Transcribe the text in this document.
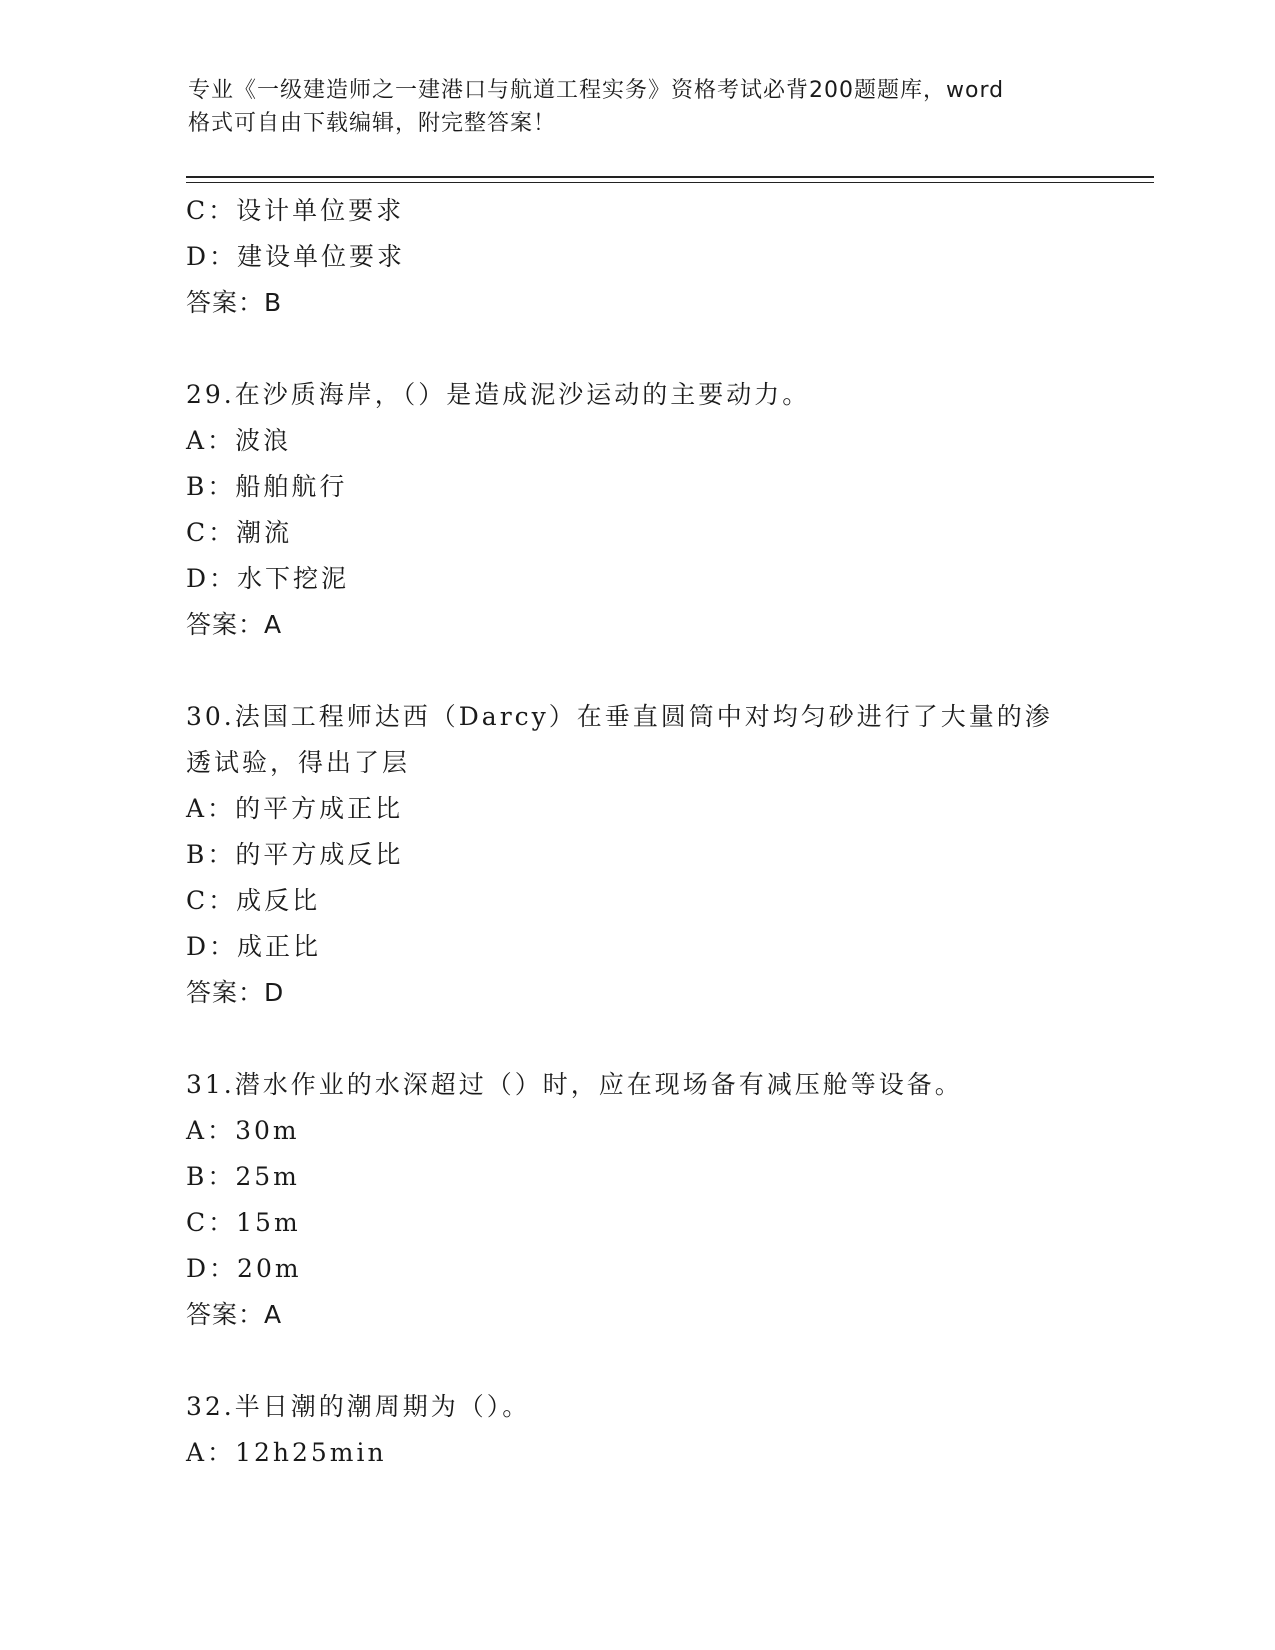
专业《一级建造师之一建港口与航道工程实务》资格考试必背200题题库，word
格式可自由下载编辑，附完整答案！
C：设计单位要求
D：建设单位要求
答案：B
29.在沙质海岸，（）是造成泥沙运动的主要动力。
A：波浪
B：船舶航行
C：潮流
D：水下挖泥
答案：A
30.法国工程师达西（Darcy）在垂直圆筒中对均匀砂进行了大量的渗
透试验，得出了层
A：的平方成正比
B：的平方成反比
C：成反比
D：成正比
答案：D
31.潜水作业的水深超过（）时，应在现场备有减压舱等设备。
A：30m
B：25m
C：15m
D：20m
答案：A
32.半日潮的潮周期为（）。
A：12h25min
